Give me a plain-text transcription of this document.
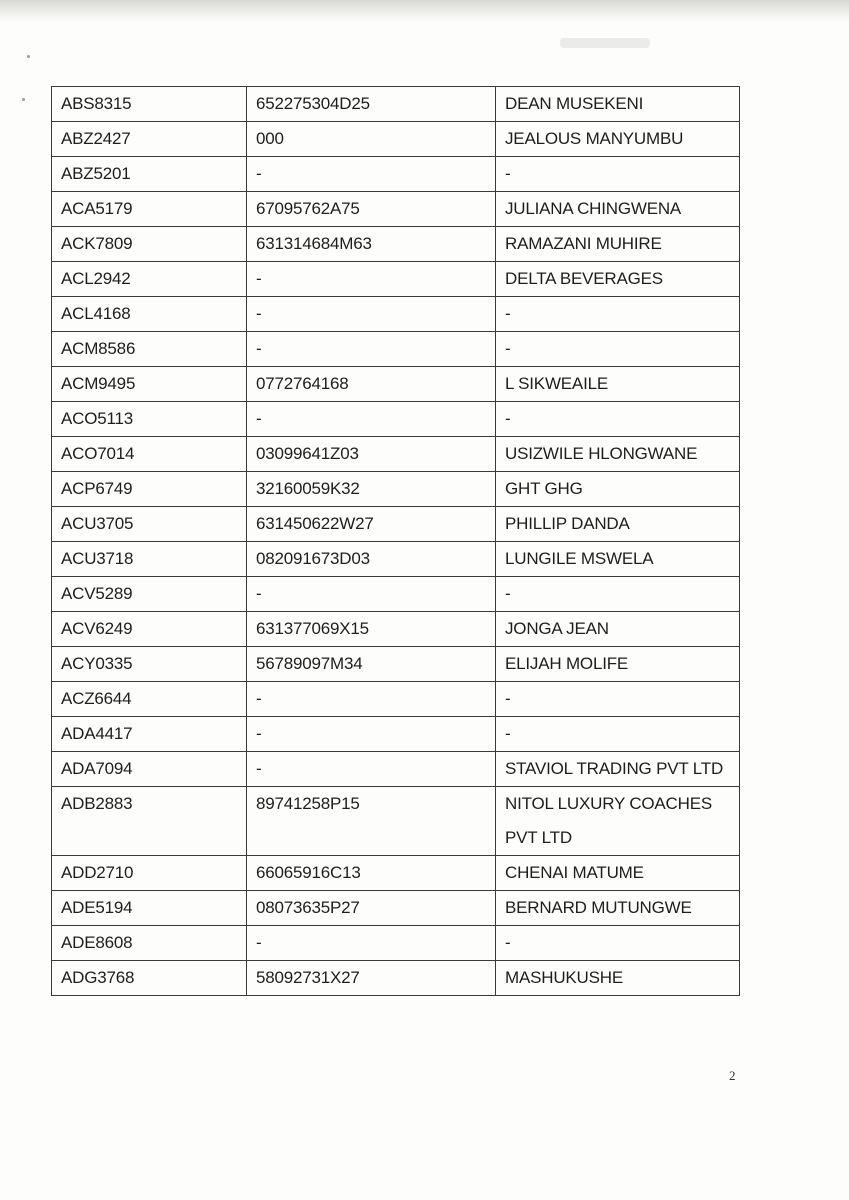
ABS8315	652275304D25	DEAN MUSEKENI
ABZ2427	000	JEALOUS MANYUMBU
ABZ5201	-	-
ACA5179	67095762A75	JULIANA CHINGWENA
ACK7809	631314684M63	RAMAZANI MUHIRE
ACL2942	-	DELTA BEVERAGES
ACL4168	-	-
ACM8586	-	-
ACM9495	0772764168	L SIKWEAILE
ACO5113	-	-
ACO7014	03099641Z03	USIZWILE HLONGWANE
ACP6749	32160059K32	GHT GHG
ACU3705	631450622W27	PHILLIP DANDA
ACU3718	082091673D03	LUNGILE MSWELA
ACV5289	-	-
ACV6249	631377069X15	JONGA JEAN
ACY0335	56789097M34	ELIJAH MOLIFE
ACZ6644	-	-
ADA4417	-	-
ADA7094	-	STAVIOL TRADING PVT LTD
ADB2883	89741258P15	NITOL LUXURY COACHES PVT LTD
ADD2710	66065916C13	CHENAI MATUME
ADE5194	08073635P27	BERNARD MUTUNGWE
ADE8608	-	-
ADG3768	58092731X27	MASHUKUSHE
2
